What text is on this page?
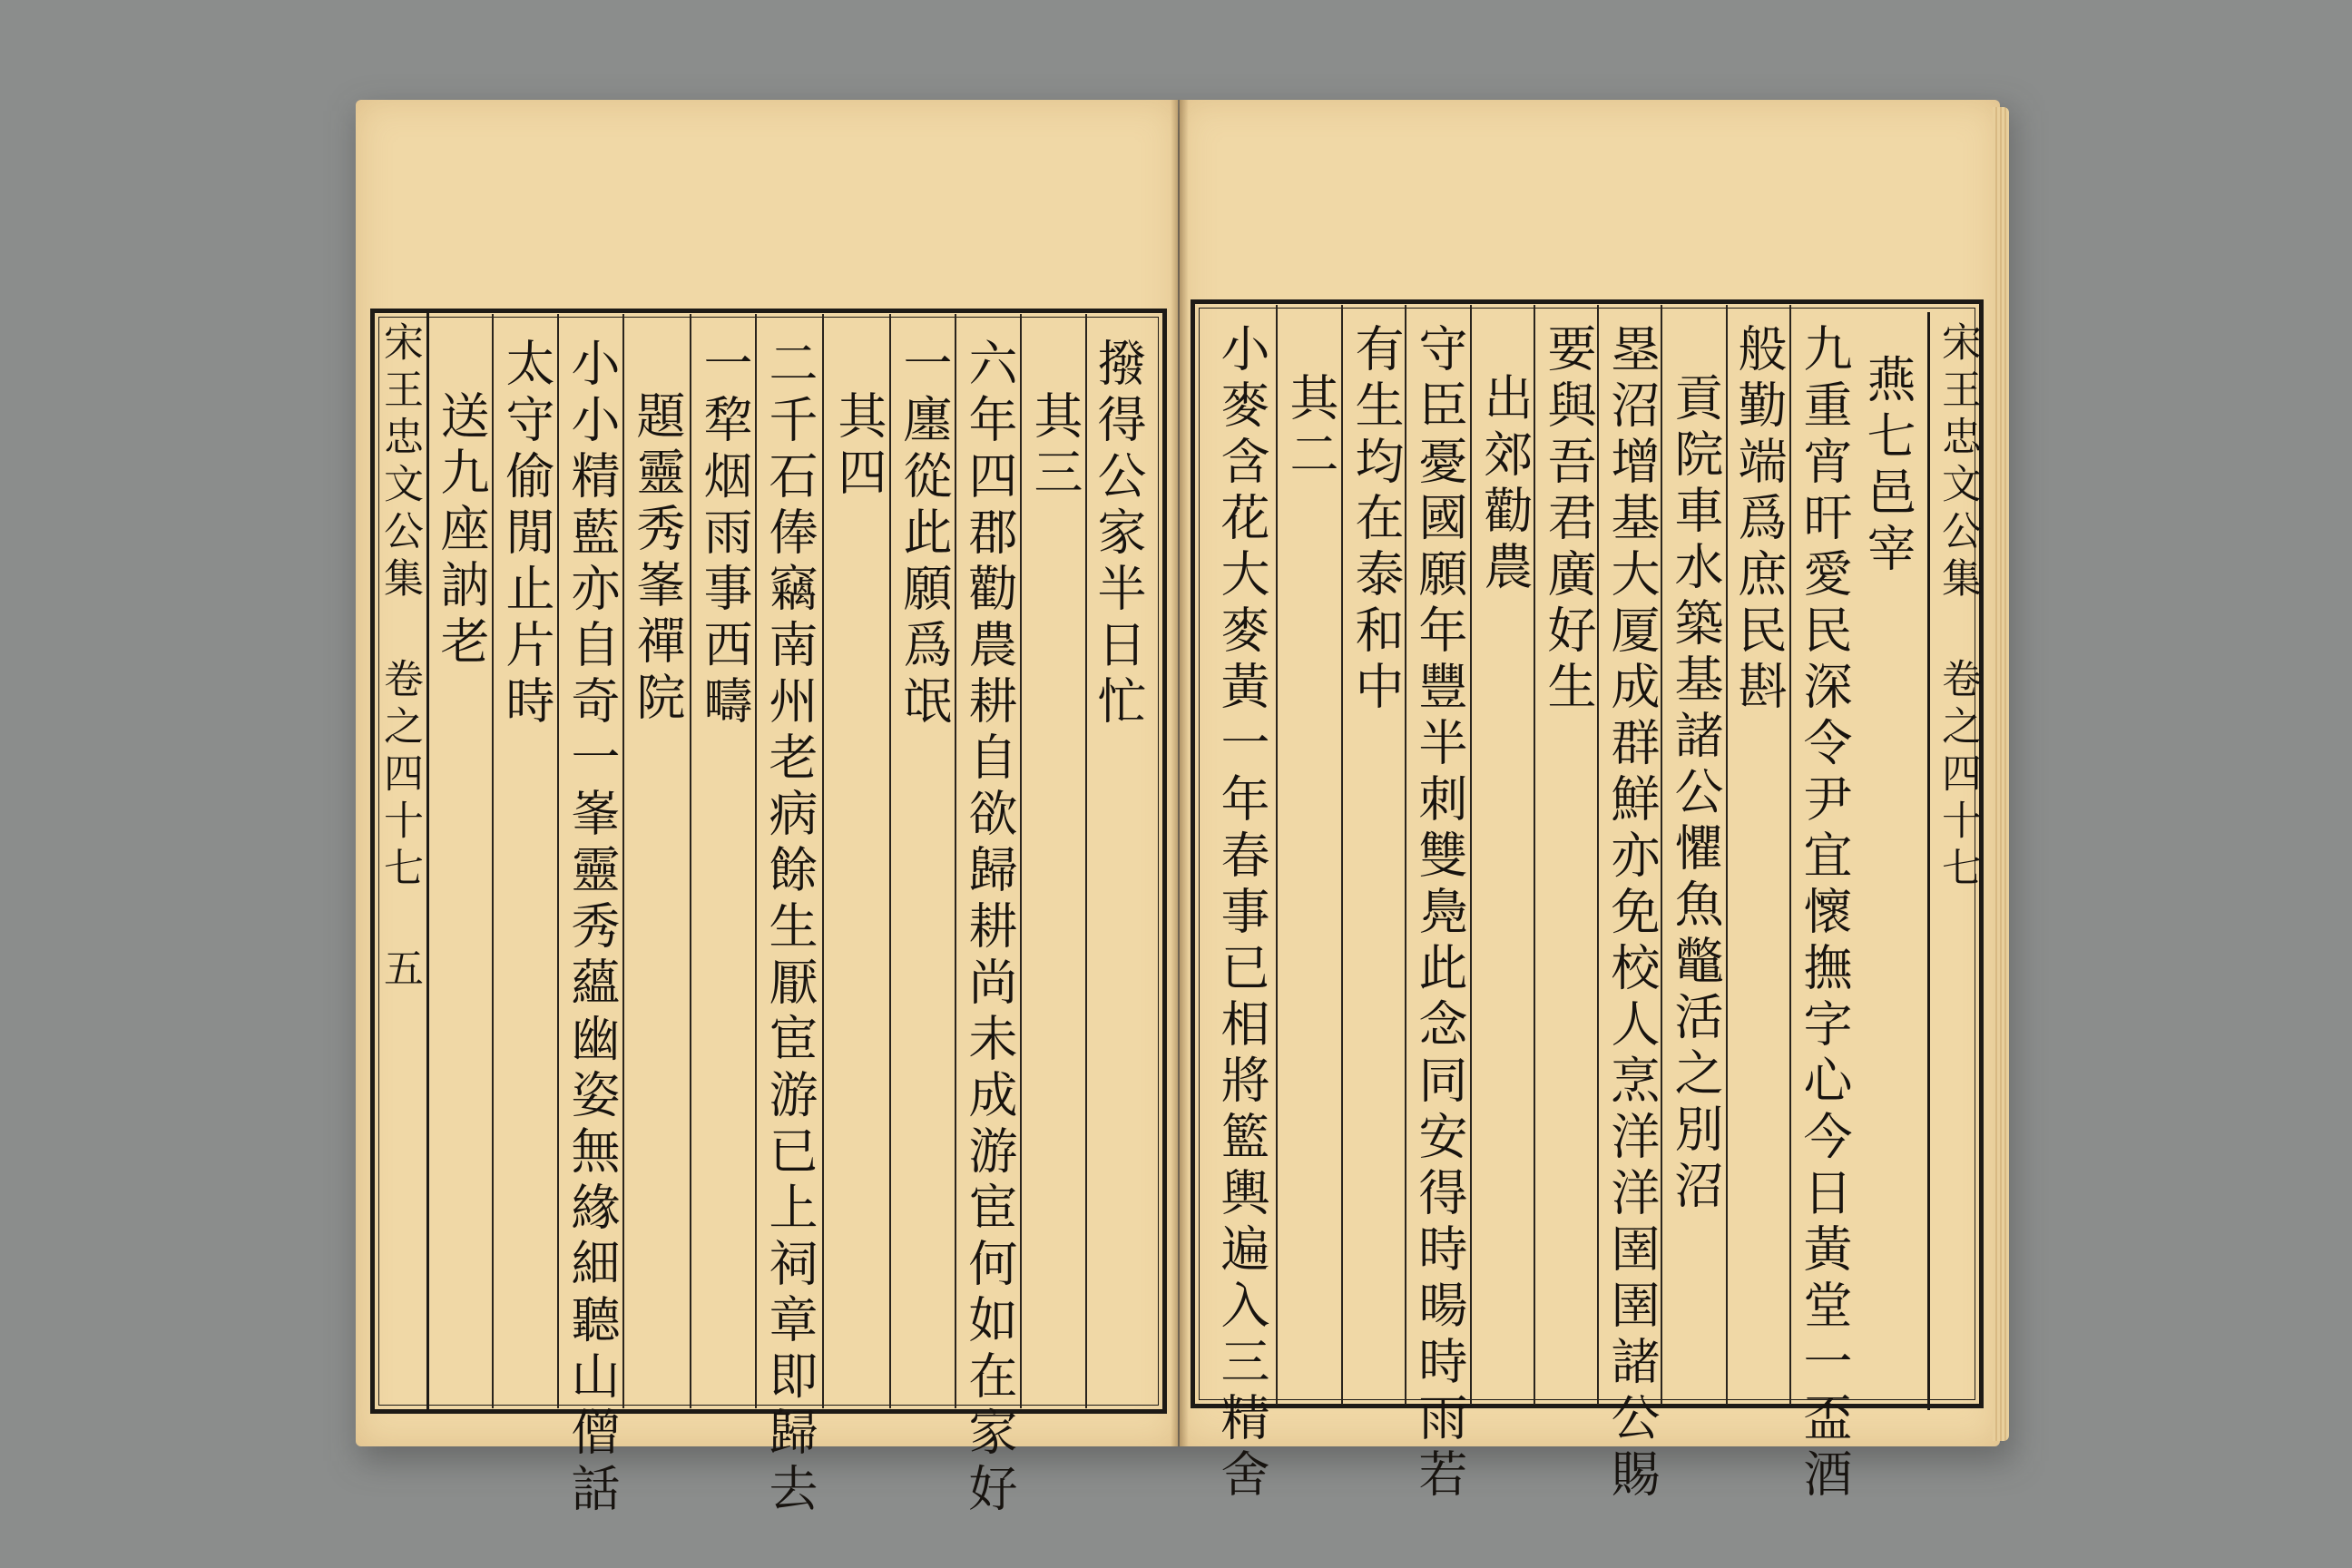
宋王忠文公集 卷之四十七 五	撥得公家半日忙
其三
六年四郡勸農耕自欲歸耕尚未成游宦何如在家好
一廛從此願爲氓
其四
二千石俸竊南州老病餘生厭宦游已上祠章即歸去
一犂烟雨事西疇
題靈秀峯禪院
小小精藍亦自奇一峯靈秀蘊幽姿無緣細聽山僧話
太守偷閒止片時
送九座訥老	宋王忠文公集 卷之四十七
燕七邑宰
九重宵旰愛民深令尹宜懷撫字心今日黃堂一盃酒
般勤端爲庶民斟
貢院車水築基諸公懼魚鼈活之別沼
塁沼增基大厦成群鮮亦免校人烹洋洋圉圉諸公賜
要與吾君廣好生
出郊勸農
守臣憂國願年豐半刺雙鳧此念同安得時暘時雨若
有生均在泰和中
其二
小麥含花大麥黃一年春事已相將籃輿遍入三精舍
